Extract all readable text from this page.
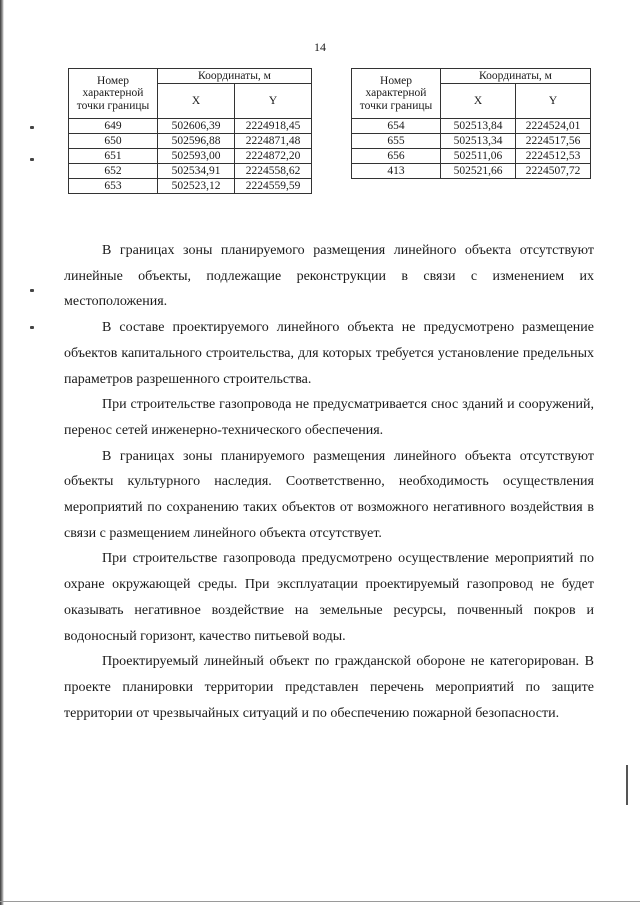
14
Номер характерной точки границы	Координаты, м	
	X	Y
649	502606,39	2224918,45
650	502596,88	2224871,48
651	502593,00	2224872,20
652	502534,91	2224558,62
653	502523,12	2224559,59
Номер характерной точки границы	Координаты, м	
	X	Y
654	502513,84	2224524,01
655	502513,34	2224517,56
656	502511,06	2224512,53
413	502521,66	2224507,72

В границах зоны планируемого размещения линейного объекта отсутствуют линейные объекты, подлежащие реконструкции в связи с изменением их местоположения.

В составе проектируемого линейного объекта не предусмотрено размещение объектов капитального строительства, для которых требуется установление предельных параметров разрешенного строительства.

При строительстве газопровода не предусматривается снос зданий и сооружений, перенос сетей инженерно-технического обеспечения.

В границах зоны планируемого размещения линейного объекта отсутствуют объекты культурного наследия. Соответственно, необходимость осуществления мероприятий по сохранению таких объектов от возможного негативного воздействия в связи с размещением линейного объекта отсутствует.

При строительстве газопровода предусмотрено осуществление мероприятий по охране окружающей среды. При эксплуатации проектируемый газопровод не будет оказывать негативное воздействие на земельные ресурсы, почвенный покров и водоносный горизонт, качество питьевой воды.

Проектируемый линейный объект по гражданской обороне не категорирован. В проекте планировки территории представлен перечень мероприятий по защите территории от чрезвычайных ситуаций и по обеспечению пожарной безопасности.
